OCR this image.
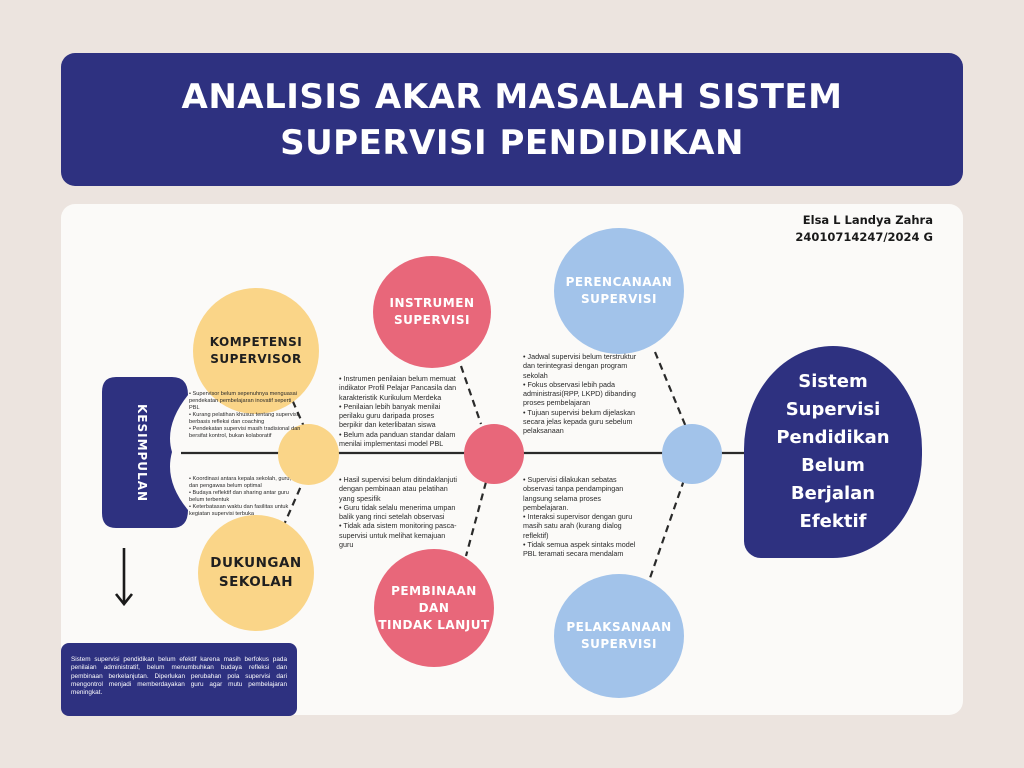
ANALISIS AKAR MASALAH SISTEM SUPERVISI PENDIDIKAN
Elsa L Landya Zahra
24010714247/2024 G
KESIMPULAN
KOMPETENSI
SUPERVISOR
DUKUNGAN
SEKOLAH
INSTRUMEN
SUPERVISI
PEMBINAAN DAN
TINDAK LANJUT
PERENCANAAN
SUPERVISI
PELAKSANAAN
SUPERVISI
• Supervisor belum sepenuhnya menguasai pendekatan pembelajaran inovatif seperti PBL
• Kurang pelatihan khusus tentang supervisi berbasis refleksi dan coaching
• Pendekatan supervisi masih tradisional dan bersifat kontrol, bukan kolaboratif
• Koordinasi antara kepala sekolah, guru, dan pengawas belum optimal
• Budaya reflektif dan sharing antar guru belum terbentuk
• Keterbatasan waktu dan fasilitas untuk kegiatan supervisi terbuka
• Instrumen penilaian belum memuat indikator Profil Pelajar Pancasila dan karakteristik Kurikulum Merdeka
• Penilaian lebih banyak menilai perilaku guru daripada proses berpikir dan keterlibatan siswa
• Belum ada panduan standar dalam menilai implementasi model PBL
• Hasil supervisi belum ditindaklanjuti dengan pembinaan atau pelatihan yang spesifik
• Guru tidak selalu menerima umpan balik yang rinci setelah observasi
• Tidak ada sistem monitoring pasca-supervisi untuk melihat kemajuan guru
• Jadwal supervisi belum terstruktur dan terintegrasi dengan program sekolah
• Fokus observasi lebih pada administrasi(RPP, LKPD) dibanding proses pembelajaran
• Tujuan supervisi belum dijelaskan secara jelas kepada guru sebelum pelaksanaan
• Supervisi dilakukan sebatas observasi tanpa pendampingan langsung selama proses pembelajaran.
• Interaksi supervisor dengan guru masih satu arah (kurang dialog reflektif)
• Tidak semua aspek sintaks model PBL teramati secara mendalam
Sistem
Supervisi
Pendidikan
Belum Berjalan
Efektif

Sistem supervisi pendidikan belum efektif karena masih berfokus pada penilaian administratif, belum menumbuhkan budaya refleksi dan pembinaan berkelanjutan. Diperlukan perubahan pola supervisi dari mengontrol menjadi memberdayakan guru agar mutu pembelajaran meningkat.
